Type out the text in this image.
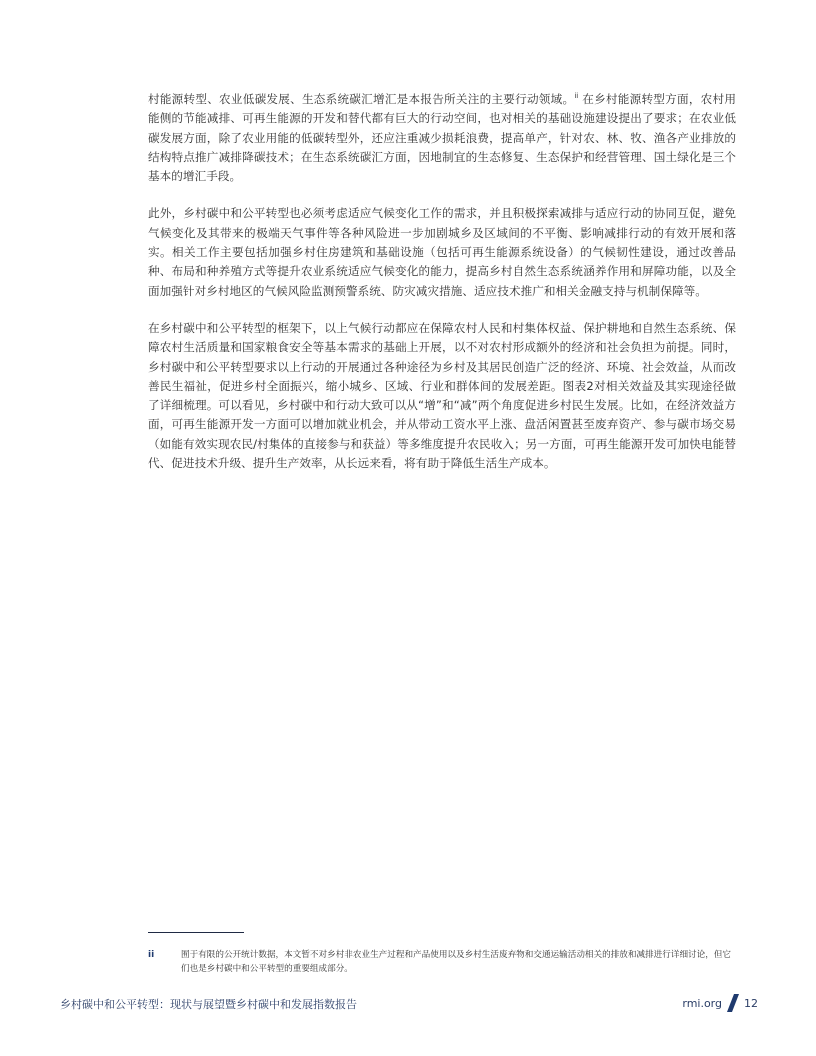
村能源转型、农业低碳发展、生态系统碳汇增汇是本报告所关注的主要行动领域。$^{ii}$ 在乡村能源转型方面，农村用能侧的节能减排、可再生能源的开发和替代都有巨大的行动空间，也对相关的基础设施建设提出了要求；在农业低碳发展方面，除了农业用能的低碳转型外，还应注重减少损耗浪费，提高单产，针对农、林、牧、渔各产业排放的结构特点推广减排降碳技术；在生态系统碳汇方面，因地制宜的生态修复、生态保护和经营管理、国土绿化是三个基本的增汇手段。

此外，乡村碳中和公平转型也必须考虑适应气候变化工作的需求，并且积极探索减排与适应行动的协同互促，避免气候变化及其带来的极端天气事件等各种风险进一步加剧城乡及区域间的不平衡、影响减排行动的有效开展和落实。相关工作主要包括加强乡村住房建筑和基础设施（包括可再生能源系统设备）的气候韧性建设，通过改善品种、布局和种养殖方式等提升农业系统适应气候变化的能力，提高乡村自然生态系统涵养作用和屏障功能，以及全面加强针对乡村地区的气候风险监测预警系统、防灾减灾措施、适应技术推广和相关金融支持与机制保障等。

在乡村碳中和公平转型的框架下，以上气候行动都应在保障农村人民和村集体权益、保护耕地和自然生态系统、保障农村生活质量和国家粮食安全等基本需求的基础上开展，以不对农村形成额外的经济和社会负担为前提。同时，乡村碳中和公平转型要求以上行动的开展通过各种途径为乡村及其居民创造广泛的经济、环境、社会效益，从而改善民生福祉，促进乡村全面振兴，缩小城乡、区域、行业和群体间的发展差距。图表2对相关效益及其实现途径做了详细梳理。可以看见，乡村碳中和行动大致可以从“增”和“减”两个角度促进乡村民生发展。比如，在经济效益方面，可再生能源开发一方面可以增加就业机会，并从带动工资水平上涨、盘活闲置甚至废弃资产、参与碳市场交易（如能有效实现农民/村集体的直接参与和获益）等多维度提升农民收入；另一方面，可再生能源开发可加快电能替代、促进技术升级、提升生产效率，从长远来看，将有助于降低生活生产成本。

ii	囿于有限的公开统计数据，本文暂不对乡村非农业生产过程和产品使用以及乡村生活废弃物和交通运输活动相关的排放和减排进行详细讨论，但它们也是乡村碳中和公平转型的重要组成部分。
乡村碳中和公平转型：现状与展望暨乡村碳中和发展指数报告	rmi.org 12
